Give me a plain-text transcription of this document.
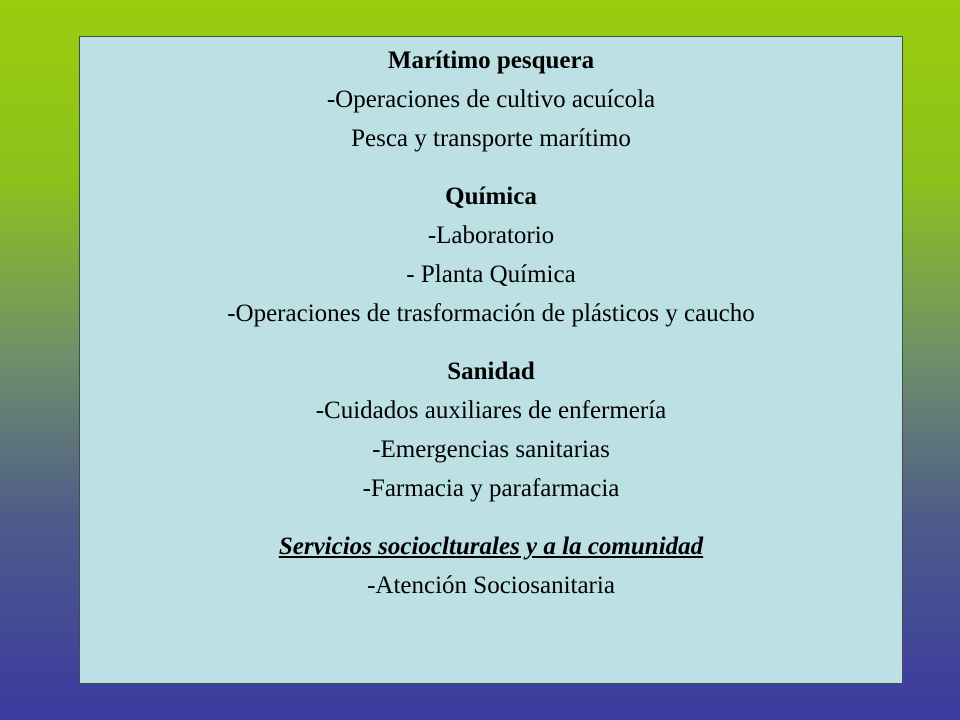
Marítimo pesquera

-Operaciones de cultivo acuícola

Pesca y transporte marítimo

Química

-Laboratorio

- Planta Química

-Operaciones de trasformación de plásticos y caucho

Sanidad

-Cuidados auxiliares de enfermería

-Emergencias sanitarias

-Farmacia y parafarmacia

Servicios socioclturales y a la comunidad

-Atención Sociosanitaria
